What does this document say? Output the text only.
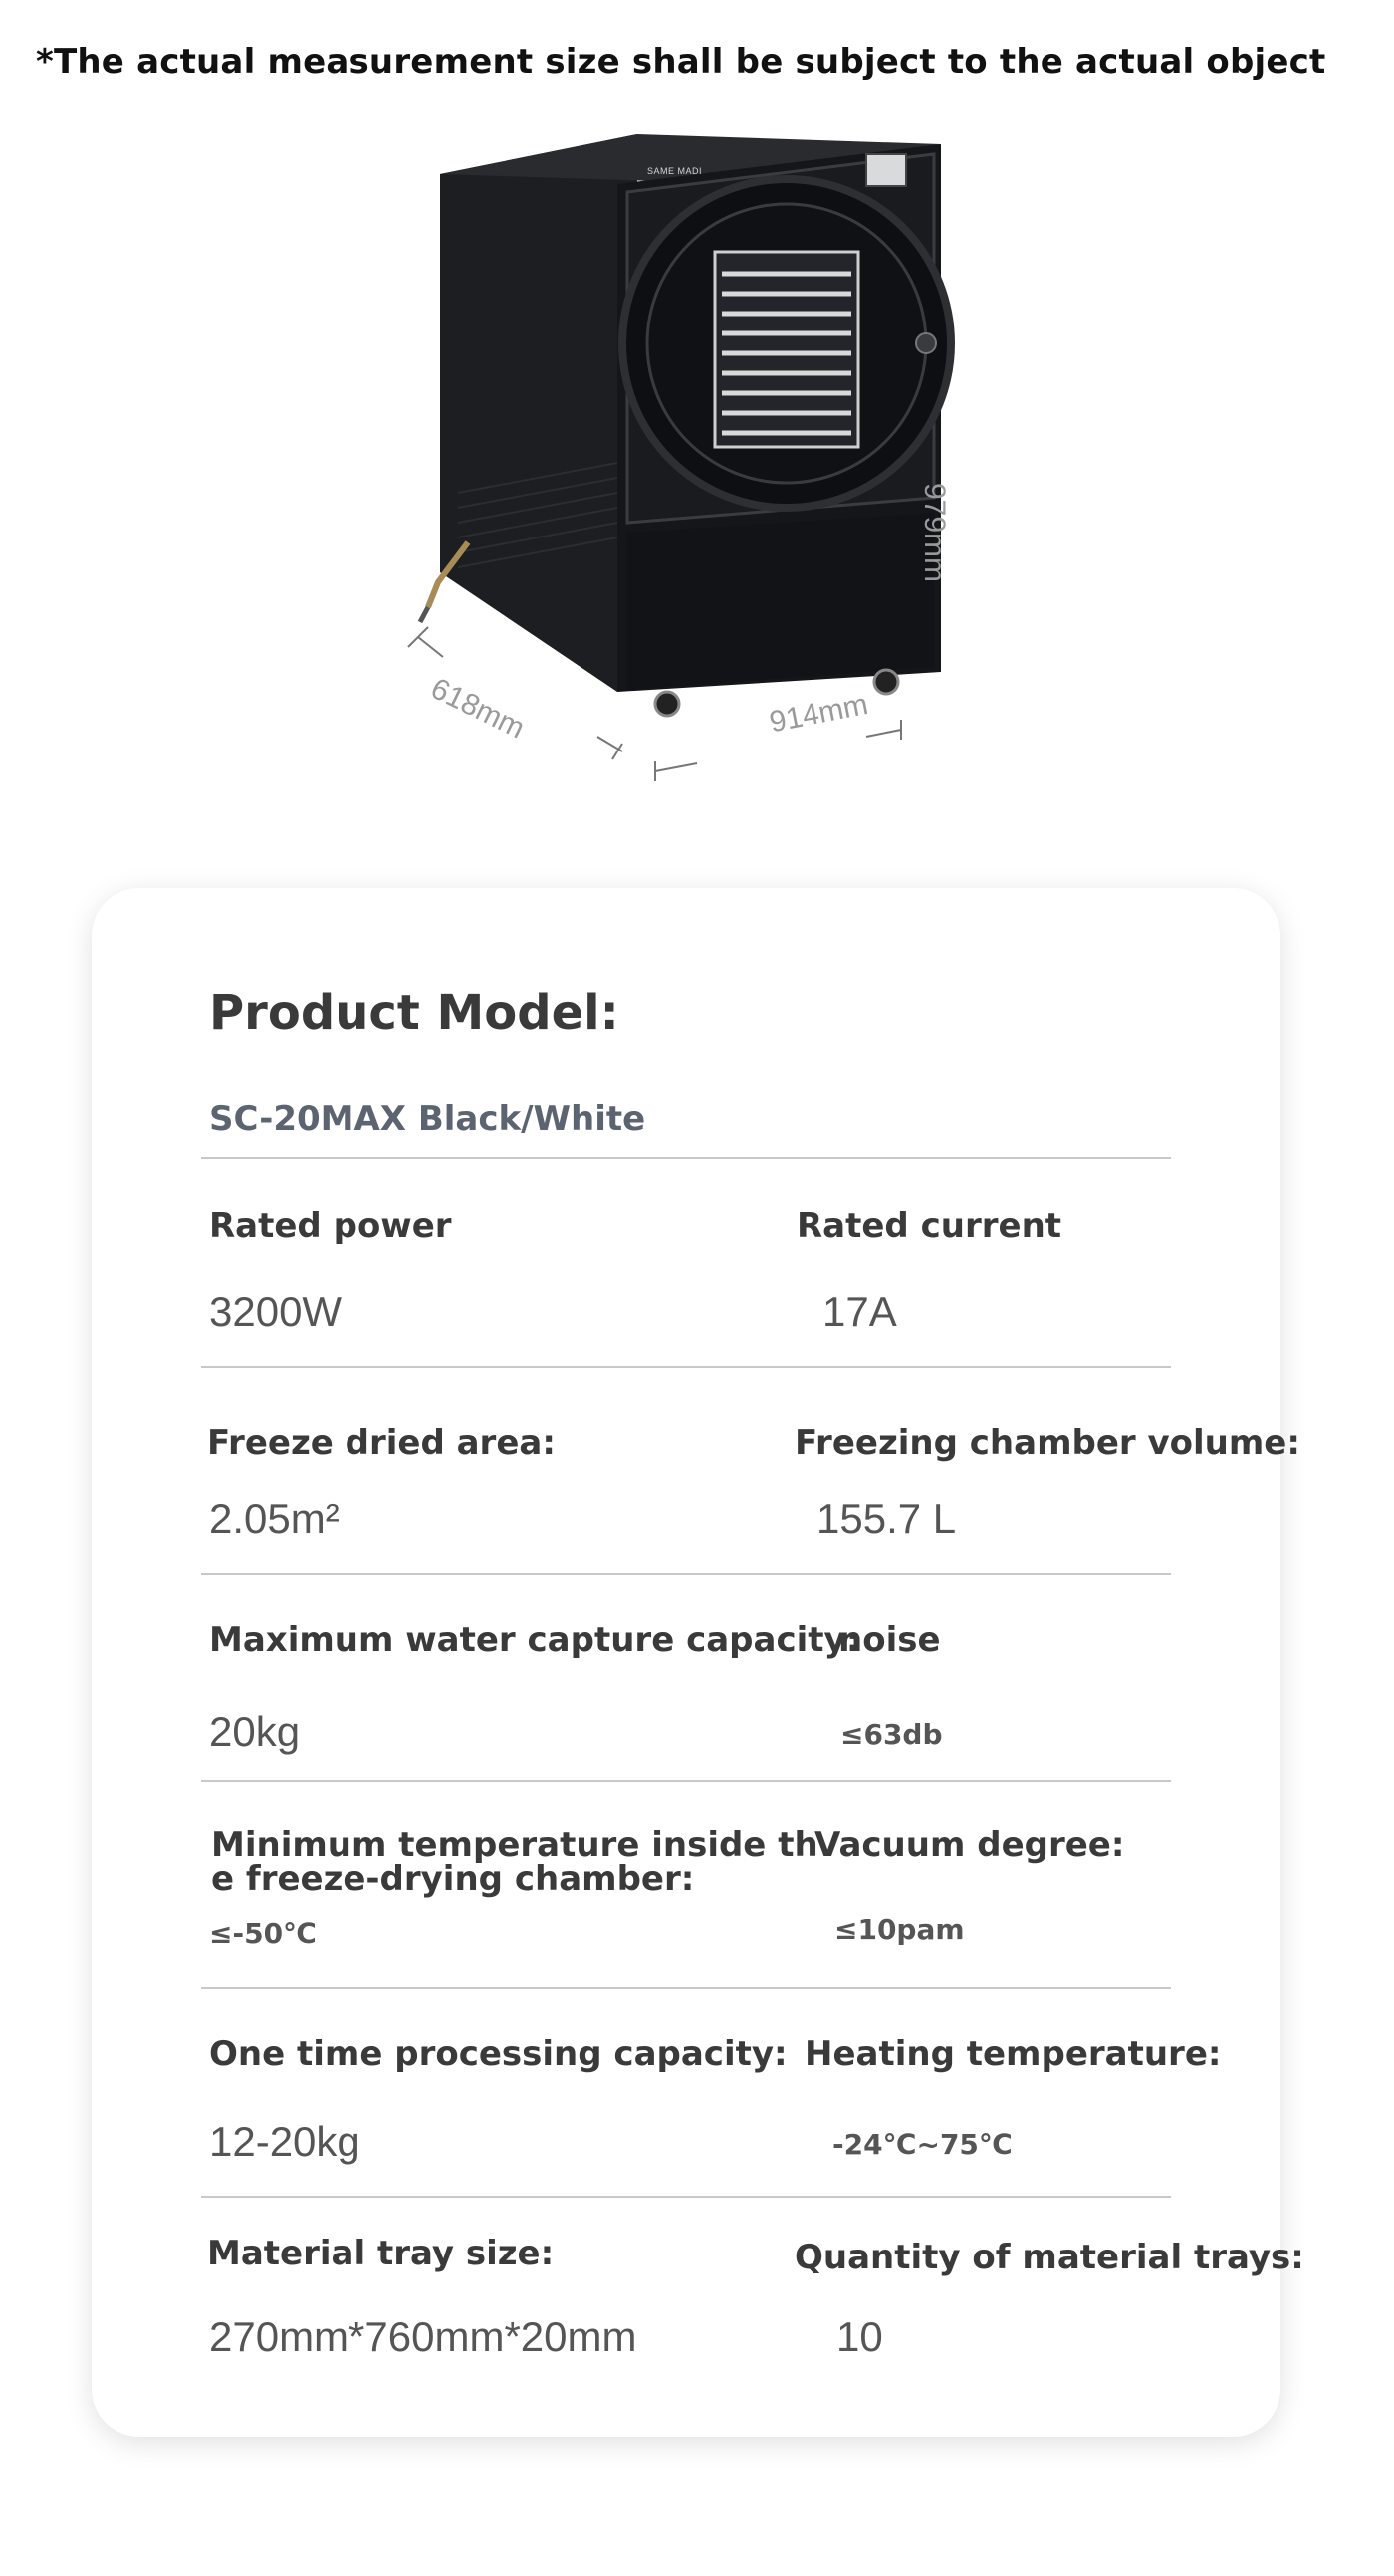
*The actual measurement size shall be subject to the actual object
SAME MADI
979mm
618mm	914mm
Product Model:
SC-20MAX Black/White
Rated power
3200W
Rated current
17A
Freeze dried area:
2.05m²
Freezing chamber volume:
155.7 L
Maximum water capture capacity:
20kg
noise
≤63db
Minimum temperature inside th
e freeze-drying chamber:
≤-50℃
Vacuum degree:
≤10pam
One time processing capacity:
12-20kg
Heating temperature:
-24℃~75℃
Material tray size:
270mm*760mm*20mm
Quantity of material trays:
10
